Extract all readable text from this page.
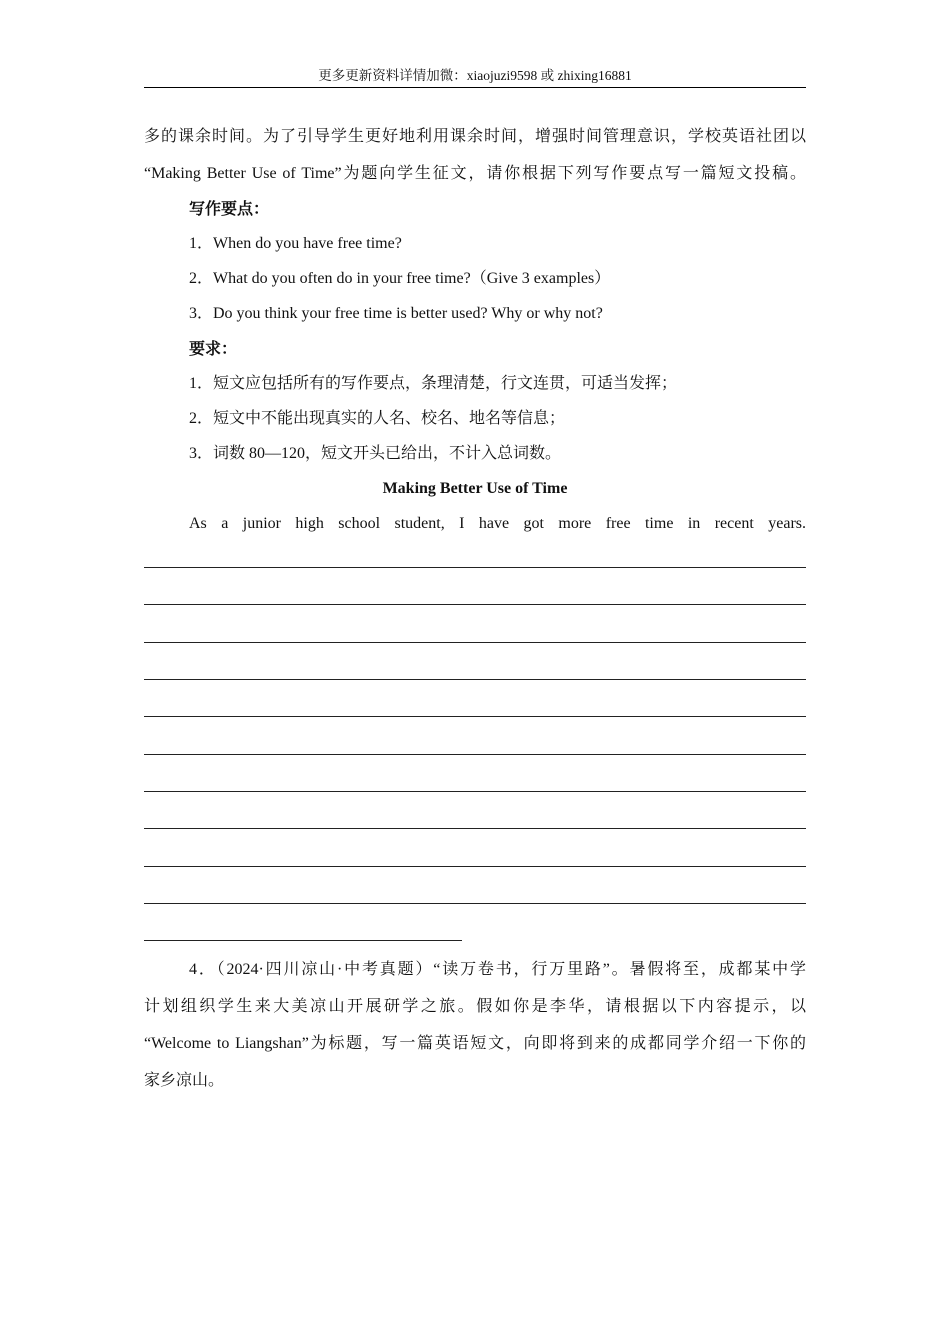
更多更新资料详情加微：xiaojuzi9598 或 zhixing16881
多的课余时间。为了引导学生更好地利用课余时间，增强时间管理意识，学校英语社团以
“Making Better Use of Time”为题向学生征文，请你根据下列写作要点写一篇短文投稿。
写作要点：
1．When do you have free time?
2．What do you often do in your free time?（Give 3 examples）
3．Do you think your free time is better used? Why or why not?
要求：
1．短文应包括所有的写作要点，条理清楚，行文连贯，可适当发挥；
2．短文中不能出现真实的人名、校名、地名等信息；
3．词数 80—120，短文开头已给出，不计入总词数。
Making Better Use of Time
As a junior high school student, I have got more free time in recent years.
4．（2024·四川凉山·中考真题）“读万卷书，行万里路”。暑假将至，成都某中学
计划组织学生来大美凉山开展研学之旅。假如你是李华，请根据以下内容提示，以
“Welcome to Liangshan”为标题，写一篇英语短文，向即将到来的成都同学介绍一下你的
家乡凉山。
